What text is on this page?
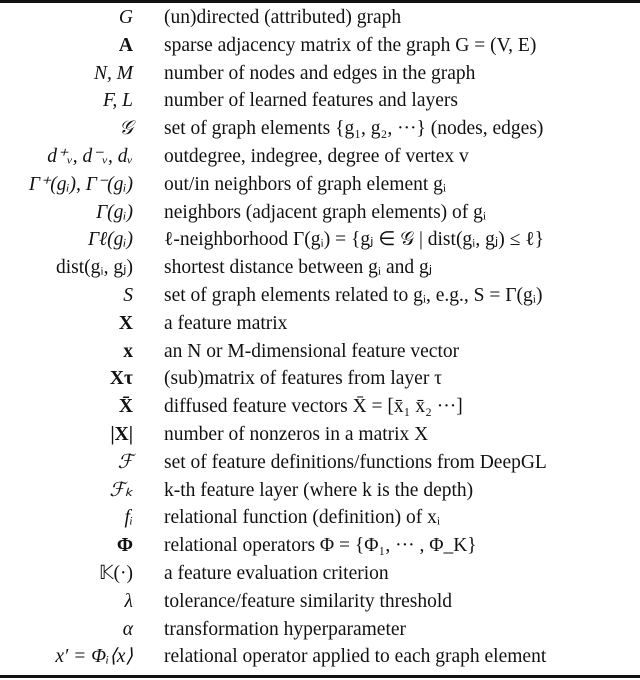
G	(un)directed (attributed) graph
A	sparse adjacency matrix of the graph G = (V, E)
N, M	number of nodes and edges in the graph
F, L	number of learned features and layers
𝒢	set of graph elements {g₁, g₂, ···} (nodes, edges)
d⁺ᵥ, d⁻ᵥ, dᵥ	outdegree, indegree, degree of vertex v
Γ⁺(gᵢ), Γ⁻(gᵢ)	out/in neighbors of graph element gᵢ
Γ(gᵢ)	neighbors (adjacent graph elements) of gᵢ
Γℓ(gᵢ)	ℓ-neighborhood Γ(gᵢ) = {gⱼ ∈ 𝒢 | dist(gᵢ, gⱼ) ≤ ℓ}
dist(gᵢ, gⱼ)	shortest distance between gᵢ and gⱼ
S	set of graph elements related to gᵢ, e.g., S = Γ(gᵢ)
X	a feature matrix
x	an N or M-dimensional feature vector
Xτ	(sub)matrix of features from layer τ
X̄	diffused feature vectors X̄ = [x̄₁ x̄₂ ···]
|X|	number of nonzeros in a matrix X
ℱ	set of feature definitions/functions from DeepGL
ℱₖ	k-th feature layer (where k is the depth)
fᵢ	relational function (definition) of xᵢ
Φ	relational operators Φ = {Φ₁, ··· , Φ_K}
𝕂(·)	a feature evaluation criterion
λ	tolerance/feature similarity threshold
α	transformation hyperparameter
x′ = Φᵢ⟨x⟩	relational operator applied to each graph element
